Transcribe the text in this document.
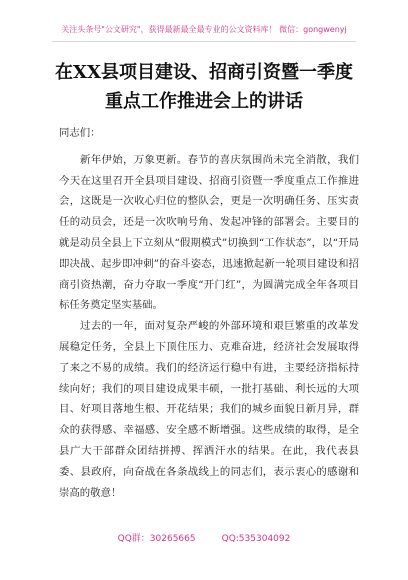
关注头条号"公文研究"，获得最新最全最专业的公文资料库！ 微信：gongwenyj
在XX县项目建设、招商引资暨一季度重点工作推进会上的讲话

同志们：

新年伊始，万象更新。春节的喜庆氛围尚未完全消散，我们今天在这里召开全县项目建设、招商引资暨一季度重点工作推进会，这既是一次收心归位的整队会，更是一次明确任务、压实责任的动员会，还是一次吹响号角、发起冲锋的部署会。主要目的就是动员全县上下立刻从“假期模式”切换到“工作状态”，以“开局即决战、起步即冲刺”的奋斗姿态，迅速掀起新一轮项目建设和招商引资热潮，奋力夺取一季度“开门红”，为圆满完成全年各项目标任务奠定坚实基础。

过去的一年，面对复杂严峻的外部环境和艰巨繁重的改革发展稳定任务，全县上下顶住压力、克难奋进，经济社会发展取得了来之不易的成绩。我们的经济运行稳中有进，主要经济指标持续向好；我们的项目建设成果丰硕，一批打基础、利长远的大项目、好项目落地生根、开花结果；我们的城乡面貌日新月异，群众的获得感、幸福感、安全感不断增强。这些成绩的取得，是全县广大干部群众团结拼搏、挥洒汗水的结果。在此，我代表县委、县政府，向奋战在各条战线上的同志们，表示衷心的感谢和崇高的敬意！

QQ群：30265665	QQ:535304092
